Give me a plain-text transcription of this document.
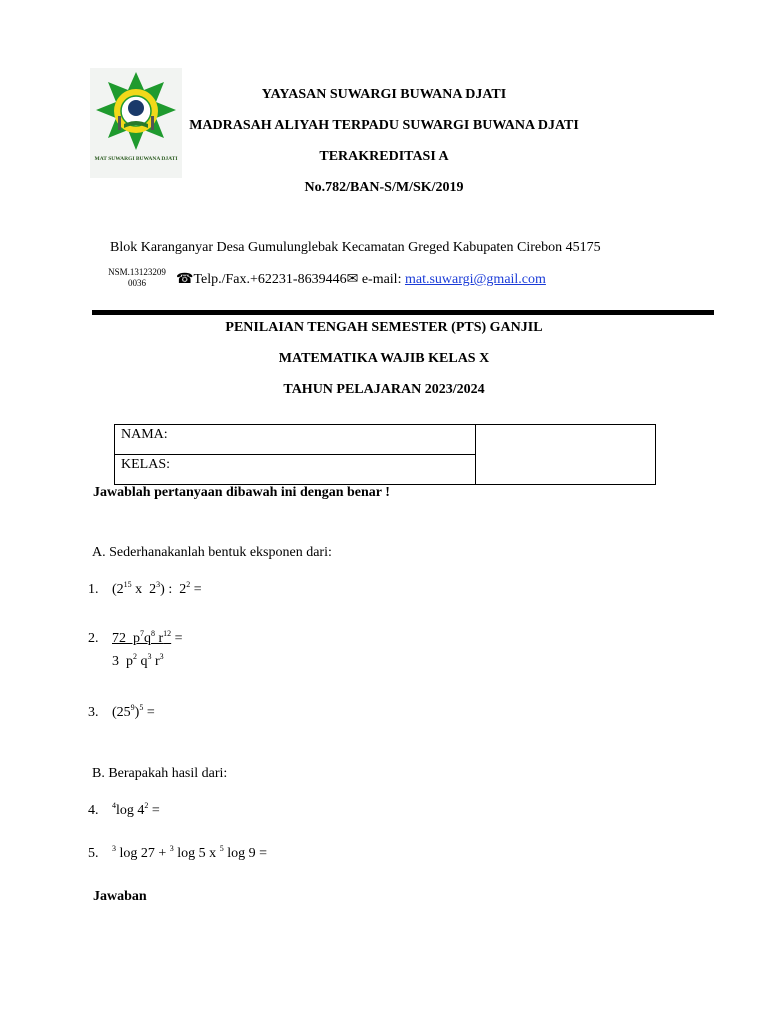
MAT SUWARGI BUWANA DJATI
YAYASAN SUWARGI BUWANA DJATI
MADRASAH ALIYAH TERPADU SUWARGI BUWANA DJATI
TERAKREDITASI A
No.782/BAN-S/M/SK/2019
Blok Karanganyar Desa Gumulunglebak Kecamatan Greged Kabupaten Cirebon 45175
NSM.13123209
0036	☎Telp./Fax.+62231-8639446✉ e-mail: mat.suwargi@gmail.com
PENILAIAN TENGAH SEMESTER (PTS) GANJIL
MATEMATIKA WAJIB KELAS X
TAHUN PELAJARAN 2023/2024
NAMA:
KELAS:
Jawablah pertanyaan dibawah ini dengan benar !
A. Sederhanakanlah bentuk eksponen dari:
1. ($2^{15}$ x  $2^3$) :  $2^2$ =
2. 72  $p^7q^8$ $r^{12}$ =
3  $p^2$ $q^3$ $r^3$
3. $(25^9)^5$ =
B. Berapakah hasil dari:
4. $^4$log $4^2$ =
5. $^3$ log 27 + $^3$ log 5 x $^5$ log 9 =
Jawaban
